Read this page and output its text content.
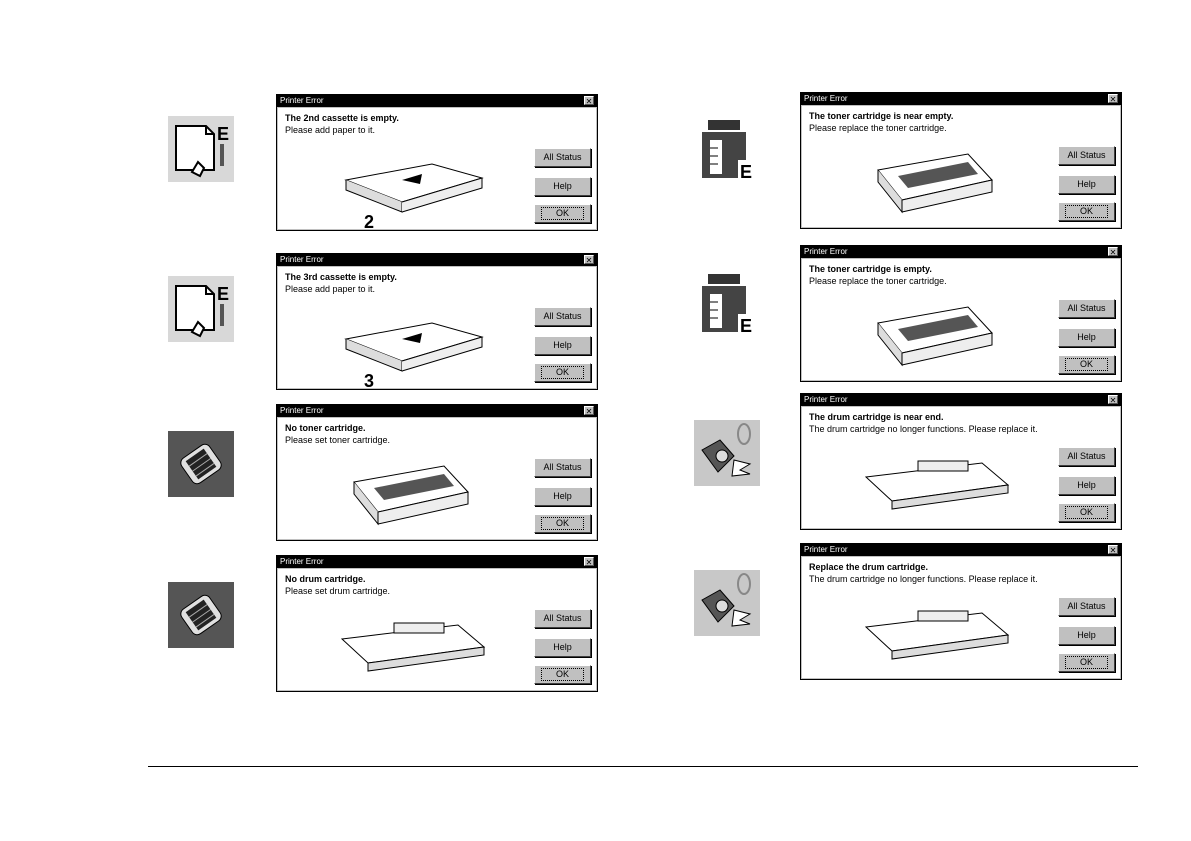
E
E
E
E
Printer Error	✕
The 2nd cassette is empty.
Please add paper to it.
2
All Status
Help
OK
Printer Error	✕
The 3rd cassette is empty.
Please add paper to it.
3
All Status
Help
OK
Printer Error	✕
No toner cartridge.
Please set toner cartridge.
All Status
Help
OK
Printer Error	✕
No drum cartridge.
Please set drum cartridge.
All Status
Help
OK
Printer Error	✕
The toner cartridge is near empty.
Please replace the toner cartridge.
All Status
Help
OK
Printer Error	✕
The toner cartridge is empty.
Please replace the toner cartridge.
All Status
Help
OK
Printer Error	✕
The drum cartridge is near end.
The drum cartridge no longer functions. Please replace it.
All Status
Help
OK
Printer Error	✕
Replace the drum cartridge.
The drum cartridge no longer functions. Please replace it.
All Status
Help
OK
